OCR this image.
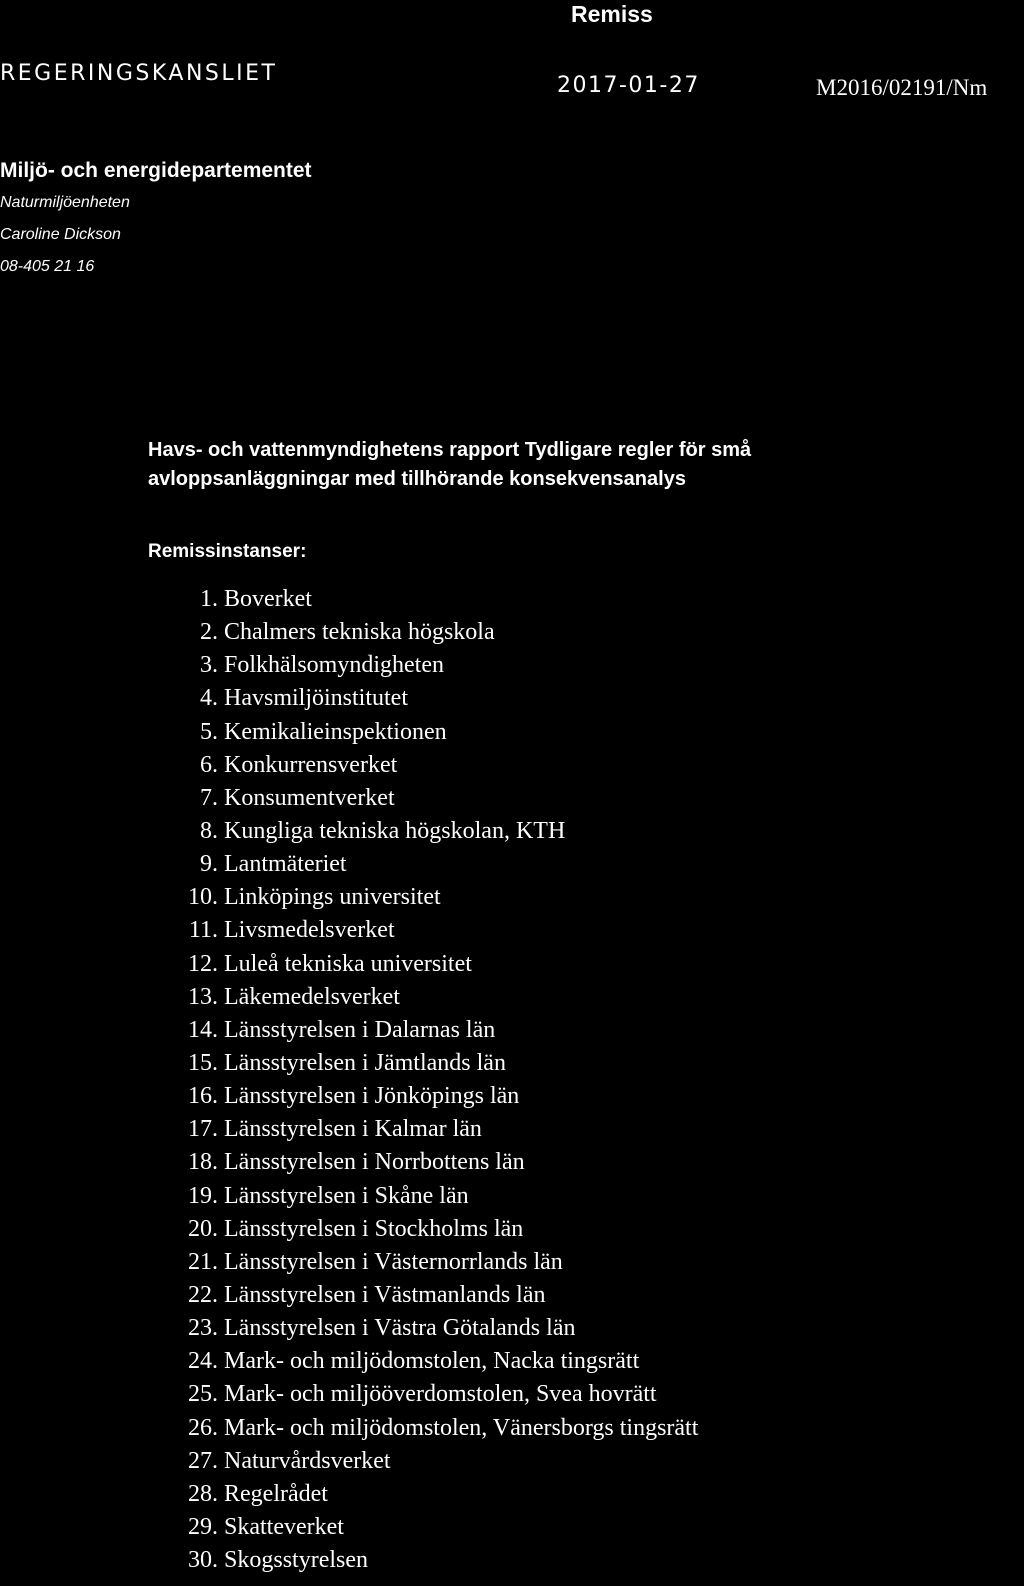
Remiss
REGERINGSKANSLIET	2017-01-27	M2016/02191/Nm
Miljö- och energidepartementet
Naturmiljöenheten
Caroline Dickson
08-405 21 16
Havs- och vattenmyndighetens rapport Tydligare regler för små
avloppsanläggningar med tillhörande konsekvensanalys
Remissinstanser:
1. Boverket
2. Chalmers tekniska högskola
3. Folkhälsomyndigheten
4. Havsmiljöinstitutet
5. Kemikalieinspektionen
6. Konkurrensverket
7. Konsumentverket
8. Kungliga tekniska högskolan, KTH
9. Lantmäteriet
10. Linköpings universitet
11. Livsmedelsverket
12. Luleå tekniska universitet
13. Läkemedelsverket
14. Länsstyrelsen i Dalarnas län
15. Länsstyrelsen i Jämtlands län
16. Länsstyrelsen i Jönköpings län
17. Länsstyrelsen i Kalmar län
18. Länsstyrelsen i Norrbottens län
19. Länsstyrelsen i Skåne län
20. Länsstyrelsen i Stockholms län
21. Länsstyrelsen i Västernorrlands län
22. Länsstyrelsen i Västmanlands län
23. Länsstyrelsen i Västra Götalands län
24. Mark- och miljödomstolen, Nacka tingsrätt
25. Mark- och miljööverdomstolen, Svea hovrätt
26. Mark- och miljödomstolen, Vänersborgs tingsrätt
27. Naturvårdsverket
28. Regelrådet
29. Skatteverket
30. Skogsstyrelsen
